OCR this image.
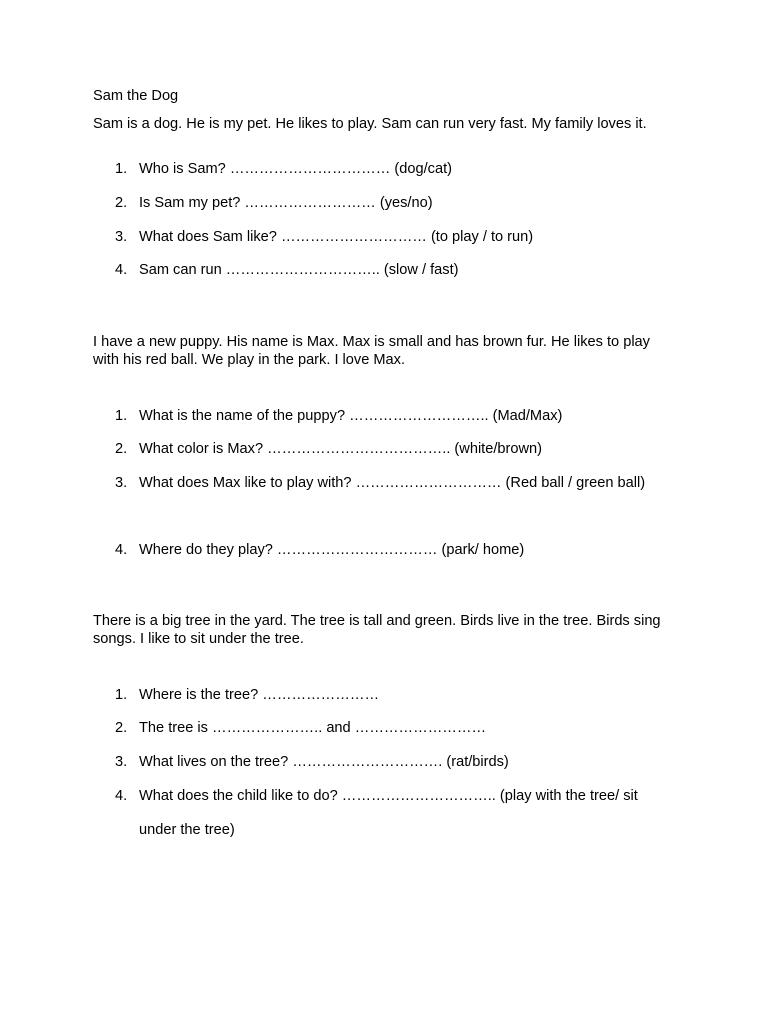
Sam the Dog

Sam is a dog. He is my pet. He likes to play. Sam can run very fast. My family loves it.

1. Who is Sam? …………………………… (dog/cat)
2. Is Sam my pet? ……………………… (yes/no)
3. What does Sam like? ………………………… (to play / to run)
4. Sam can run ………………………….. (slow / fast)

I have a new puppy. His name is Max. Max is small and has brown fur. He likes to play with his red ball. We play in the park. I love Max.

1. What is the name of the puppy? ……………………….. (Mad/Max)
2. What color is Max? ……………………………….. (white/brown)
3. What does Max like to play with? ………………………… (Red ball / green ball)
4. Where do they play? …………………………… (park/ home)

There is a big tree in the yard. The tree is tall and green. Birds live in the tree. Birds sing songs. I like to sit under the tree.

1. Where is the tree? ……………………
2. The tree is ………………….. and ………………………
3. What lives on the tree? …………………………. (rat/birds)
4. What does the child like to do? ………………………….. (play with the tree/ sit under the tree)
